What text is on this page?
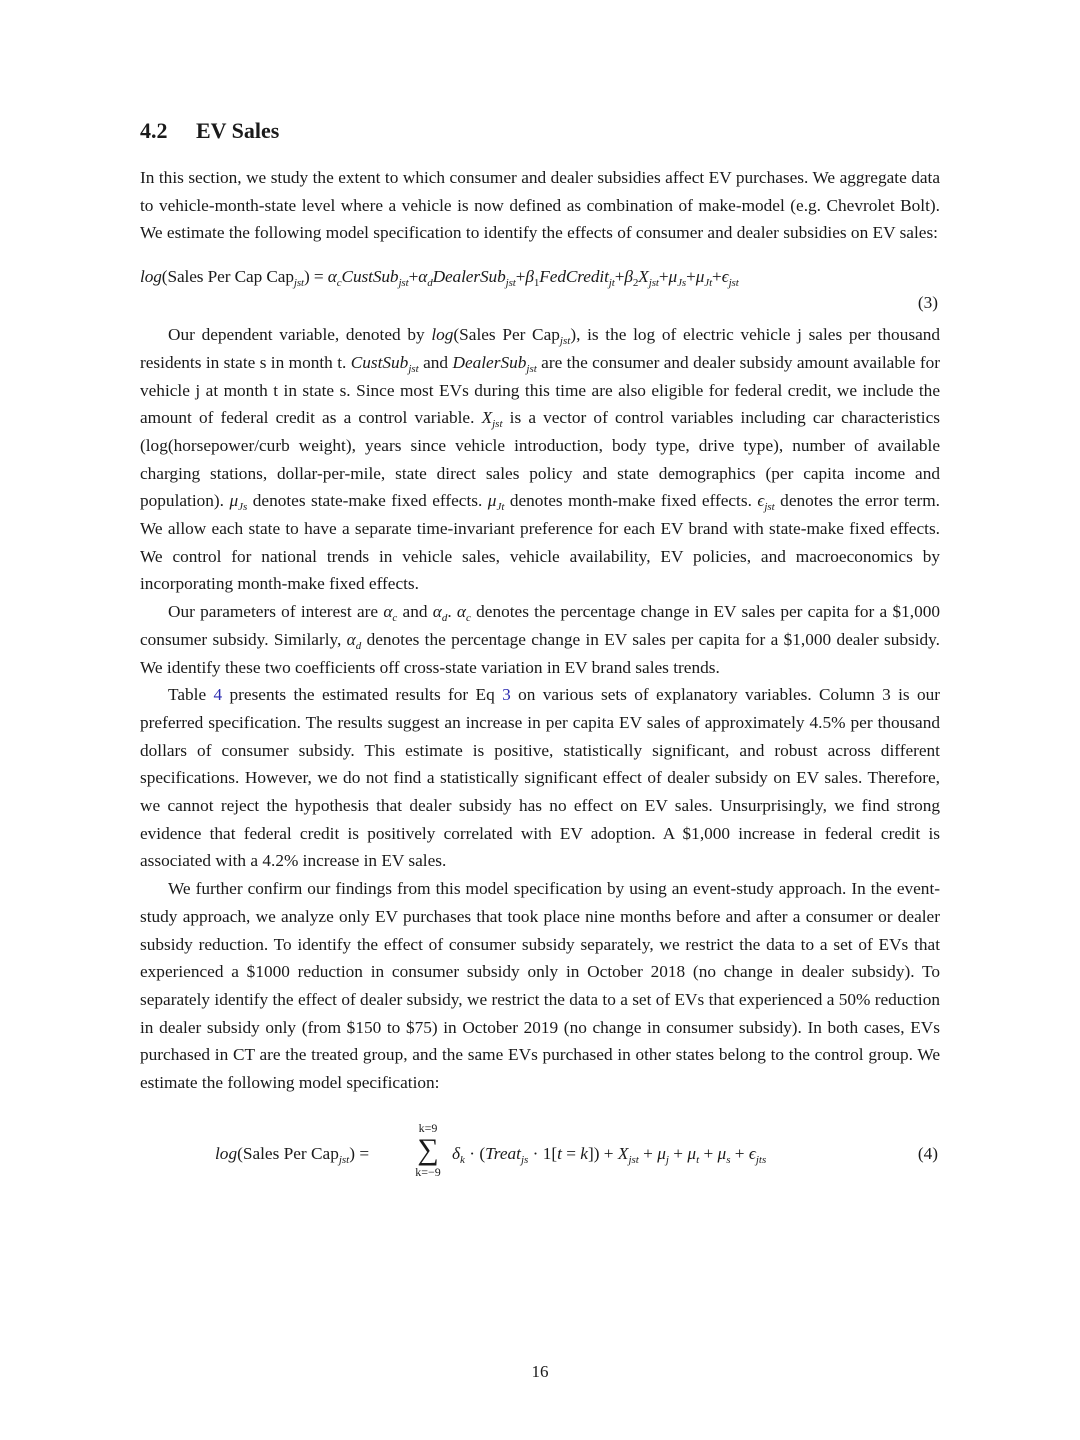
4.2 EV Sales

In this section, we study the extent to which consumer and dealer subsidies affect EV purchases. We aggregate data to vehicle-month-state level where a vehicle is now defined as combination of make-model (e.g. Chevrolet Bolt). We estimate the following model specification to identify the effects of consumer and dealer subsidies on EV sales:

log(Sales Per Cap $Cap_{jst}) = \alpha_cCustSub_{jst}+\alpha_dDealerSub_{jst}+\beta_1FedCredit_{jt}+\beta_2X_{jst}+\mu_{Js}+\mu_{Jt}+\epsilon_{jst}$
(3)

Our dependent variable, denoted by log(Sales Per Cap$_{jst}$), is the log of electric vehicle j sales per thousand residents in state s in month t. CustSub$_{jst}$ and DealerSub$_{jst}$ are the consumer and dealer subsidy amount available for vehicle j at month t in state s. Since most EVs during this time are also eligible for federal credit, we include the amount of federal credit as a control variable. $X_{jst}$ is a vector of control variables including car characteristics (log(horsepower/curb weight), years since vehicle introduction, body type, drive type), number of available charging stations, dollar-per-mile, state direct sales policy and state demographics (per capita income and population). $\mu_{Js}$ denotes state-make fixed effects. $\mu_{Jt}$ denotes month-make fixed effects. $\epsilon_{jst}$ denotes the error term. We allow each state to have a separate time-invariant preference for each EV brand with state-make fixed effects. We control for national trends in vehicle sales, vehicle availability, EV policies, and macroeconomics by incorporating month-make fixed effects.

Our parameters of interest are $\alpha_c$ and $\alpha_d$. $\alpha_c$ denotes the percentage change in EV sales per capita for a $1,000 consumer subsidy. Similarly, $\alpha_d$ denotes the percentage change in EV sales per capita for a $1,000 dealer subsidy. We identify these two coefficients off cross-state variation in EV brand sales trends.

Table 4 presents the estimated results for Eq 3 on various sets of explanatory variables. Column 3 is our preferred specification. The results suggest an increase in per capita EV sales of approximately 4.5% per thousand dollars of consumer subsidy. This estimate is positive, statistically significant, and robust across different specifications. However, we do not find a statistically significant effect of dealer subsidy on EV sales. Therefore, we cannot reject the hypothesis that dealer subsidy has no effect on EV sales. Unsurprisingly, we find strong evidence that federal credit is positively correlated with EV adoption. A $1,000 increase in federal credit is associated with a 4.2% increase in EV sales.

We further confirm our findings from this model specification by using an event-study approach. In the event-study approach, we analyze only EV purchases that took place nine months before and after a consumer or dealer subsidy reduction. To identify the effect of consumer subsidy separately, we restrict the data to a set of EVs that experienced a $1000 reduction in consumer subsidy only in October 2018 (no change in dealer subsidy). To separately identify the effect of dealer subsidy, we restrict the data to a set of EVs that experienced a 50% reduction in dealer subsidy only (from $150 to $75) in October 2019 (no change in consumer subsidy). In both cases, EVs purchased in CT are the treated group, and the same EVs purchased in other states belong to the control group. We estimate the following model specification:

log(Sales Per Cap$_{jst}$) =
k=9
∑
k=−9
$\delta_k$ · (Treat$_{js}$ · $1[t = k]) + X_{jst} + \mu_j + \mu_t + \mu_s + \epsilon_{jts}$	(4)
16
